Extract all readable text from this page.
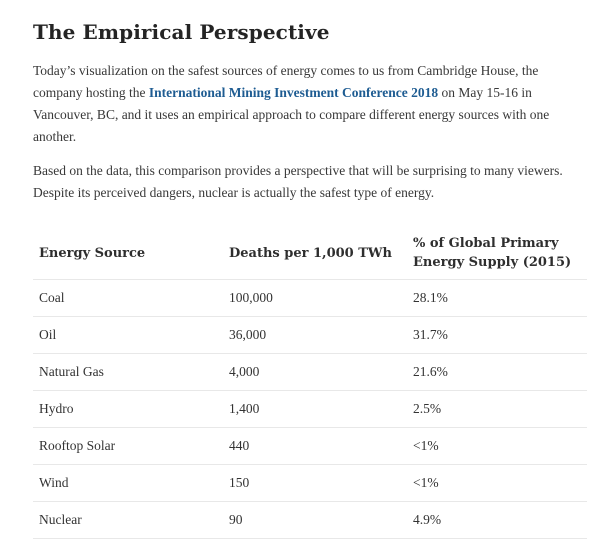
The Empirical Perspective

Today’s visualization on the safest sources of energy comes to us from Cambridge House, the company hosting the International Mining Investment Conference 2018 on May 15-16 in Vancouver, BC, and it uses an empirical approach to compare different energy sources with one another.

Based on the data, this comparison provides a perspective that will be surprising to many viewers. Despite its perceived dangers, nuclear is actually the safest type of energy.

Energy Source	Deaths per 1,000 TWh	% of Global Primary Energy Supply (2015)
Coal	100,000	28.1%
Oil	36,000	31.7%
Natural Gas	4,000	21.6%
Hydro	1,400	2.5%
Rooftop Solar	440	<1%
Wind	150	<1%
Nuclear	90	4.9%
